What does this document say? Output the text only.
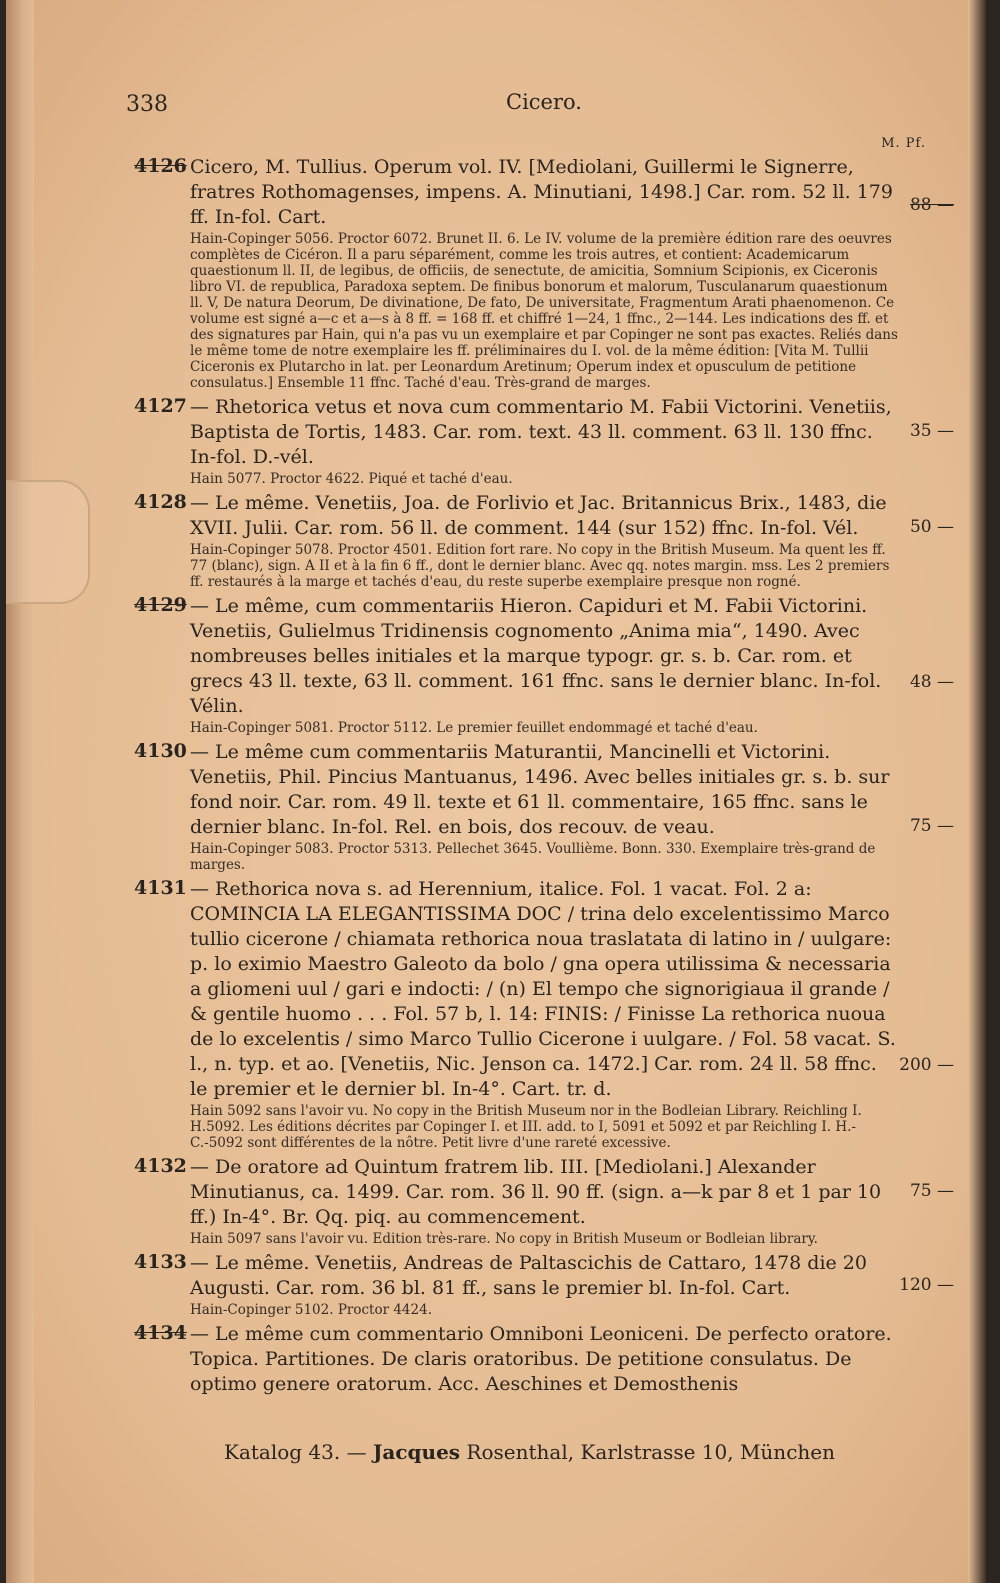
338	Cicero.
M. Pf.
4126 Cicero, M. Tullius. Operum vol. IV. [Mediolani, Guillermi le Signerre, fratres Rothomagenses, impens. A. Minutiani, 1498.] Car. rom. 52 ll. 179 ff. In-fol. Cart.
Hain-Copinger 5056. Proctor 6072. Brunet II. 6. Le IV. volume de la première édition rare des oeuvres complètes de Cicéron. Il a paru séparément, comme les trois autres, et contient: Academicarum quaestionum ll. II, de legibus, de officiis, de senectute, de amicitia, Somnium Scipionis, ex Ciceronis libro VI. de republica, Paradoxa septem. De finibus bonorum et malorum, Tusculanarum quaestionum ll. V, De natura Deorum, De divinatione, De fato, De universitate, Fragmentum Arati phaenomenon. Ce volume est signé a—c et a—s à 8 ff. = 168 ff. et chiffré 1—24, 1 ffnc., 2—144. Les indications des ff. et des signatures par Hain, qui n'a pas vu un exemplaire et par Copinger ne sont pas exactes. Reliés dans le même tome de notre exemplaire les ff. préliminaires du I. vol. de la même édition: [Vita M. Tullii Ciceronis ex Plutarcho in lat. per Leonardum Aretinum; Operum index et opusculum de petitione consulatus.] Ensemble 11 ffnc. Taché d'eau. Très-grand de marges.
88 —
4127 — Rhetorica vetus et nova cum commentario M. Fabii Victorini. Venetiis, Baptista de Tortis, 1483. Car. rom. text. 43 ll. comment. 63 ll. 130 ffnc. In-fol. D.-vél.
Hain 5077. Proctor 4622. Piqué et taché d'eau.
35 —
4128 — Le même. Venetiis, Joa. de Forlivio et Jac. Britannicus Brix., 1483, die XVII. Julii. Car. rom. 56 ll. de comment. 144 (sur 152) ffnc. In-fol. Vél.
Hain-Copinger 5078. Proctor 4501. Edition fort rare. No copy in the British Museum. Ma quent les ff. 77 (blanc), sign. A II et à la fin 6 ff., dont le dernier blanc. Avec qq. notes margin. mss. Les 2 premiers ff. restaurés à la marge et tachés d'eau, du reste superbe exemplaire presque non rogné.
50 —
4129 — Le même, cum commentariis Hieron. Capiduri et M. Fabii Victorini. Venetiis, Gulielmus Tridinensis cognomento „Anima mia“, 1490. Avec nombreuses belles initiales et la marque typogr. gr. s. b. Car. rom. et grecs 43 ll. texte, 63 ll. comment. 161 ffnc. sans le dernier blanc. In-fol. Vélin.
Hain-Copinger 5081. Proctor 5112. Le premier feuillet endommagé et taché d'eau.
48 —
4130 — Le même cum commentariis Maturantii, Mancinelli et Victorini. Venetiis, Phil. Pincius Mantuanus, 1496. Avec belles initiales gr. s. b. sur fond noir. Car. rom. 49 ll. texte et 61 ll. commentaire, 165 ffnc. sans le dernier blanc. In-fol. Rel. en bois, dos recouv. de veau.
Hain-Copinger 5083. Proctor 5313. Pellechet 3645. Voullième. Bonn. 330. Exemplaire très-grand de marges.
75 —
4131 — Rethorica nova s. ad Herennium, italice. Fol. 1 vacat. Fol. 2 a: COMINCIA LA ELEGANTISSIMA DOC / trina delo excelentissimo Marco tullio cicerone / chiamata rethorica noua traslatata di latino in / uulgare: p. lo eximio Maestro Galeoto da bolo / gna opera utilissima & necessaria a gliomeni uul / gari e indocti: / (n) El tempo che signorigiaua il grande / & gentile huomo . . . Fol. 57 b, l. 14: FINIS: / Finisse La rethorica nuoua de lo excelentis / simo Marco Tullio Cicerone i uulgare. / Fol. 58 vacat. S. l., n. typ. et ao. [Venetiis, Nic. Jenson ca. 1472.] Car. rom. 24 ll. 58 ffnc. le premier et le dernier bl. In-4°. Cart. tr. d.
Hain 5092 sans l'avoir vu. No copy in the British Museum nor in the Bodleian Library. Reichling I. H.5092. Les éditions décrites par Copinger I. et III. add. to I, 5091 et 5092 et par Reichling I. H.-C.-5092 sont différentes de la nôtre. Petit livre d'une rareté excessive.
200 —
4132 — De oratore ad Quintum fratrem lib. III. [Mediolani.] Alexander Minutianus, ca. 1499. Car. rom. 36 ll. 90 ff. (sign. a—k par 8 et 1 par 10 ff.) In-4°. Br. Qq. piq. au commencement.
Hain 5097 sans l'avoir vu. Edition très-rare. No copy in British Museum or Bodleian library.
75 —
4133 — Le même. Venetiis, Andreas de Paltascichis de Cattaro, 1478 die 20 Augusti. Car. rom. 36 bl. 81 ff., sans le premier bl. In-fol. Cart.
Hain-Copinger 5102. Proctor 4424.
120 —
4134 — Le même cum commentario Omniboni Leoniceni. De perfecto oratore. Topica. Partitiones. De claris oratoribus. De petitione consulatus. De optimo genere oratorum. Acc. Aeschines et Demosthenis
Katalog 43. — Jacques Rosenthal, Karlstrasse 10, München
